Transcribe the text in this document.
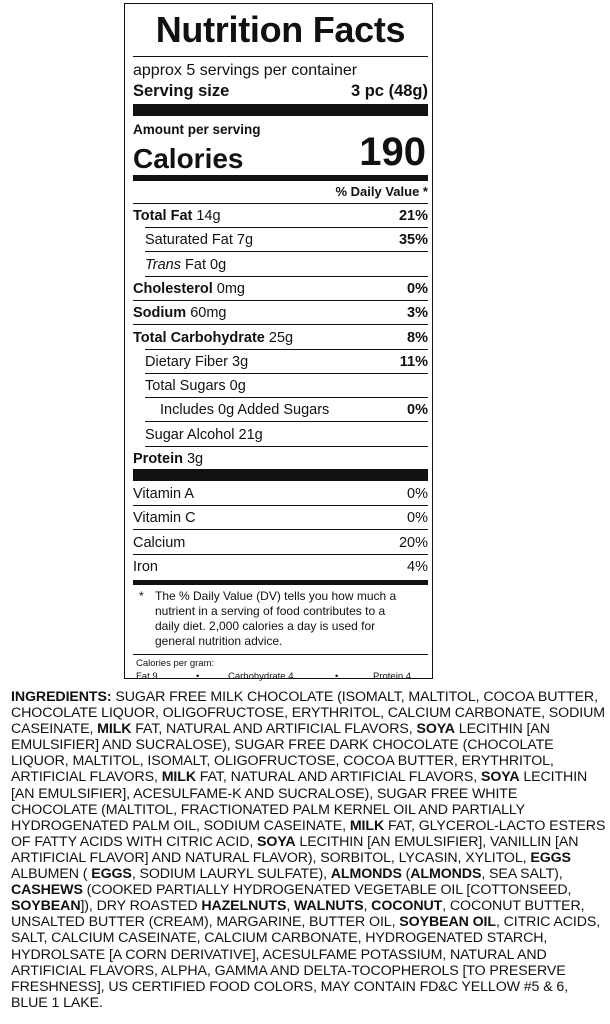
Nutrition Facts
approx 5 servings per container
Serving size	3 pc (48g)
Amount per serving
Calories	190
% Daily Value *
Total Fat 14g	21%
Saturated Fat 7g	35%
Trans Fat 0g
Cholesterol 0mg	0%
Sodium 60mg	3%
Total Carbohydrate 25g	8%
Dietary Fiber 3g	11%
Total Sugars 0g
Includes 0g Added Sugars	0%
Sugar Alcohol 21g
Protein 3g
Vitamin A	0%
Vitamin C	0%
Calcium	20%
Iron	4%
* The % Daily Value (DV) tells you how much a nutrient in a serving of food contributes to a daily diet. 2,000 calories a day is used for general nutrition advice.
Calories per gram:
Fat 9	•	Carbohydrate 4	•	Protein 4
INGREDIENTS: SUGAR FREE MILK CHOCOLATE (ISOMALT, MALTITOL, COCOA BUTTER, CHOCOLATE LIQUOR, OLIGOFRUCTOSE, ERYTHRITOL, CALCIUM CARBONATE, SODIUM CASEINATE, MILK FAT, NATURAL AND ARTIFICIAL FLAVORS, SOYA LECITHIN [AN EMULSIFIER] AND SUCRALOSE), SUGAR FREE DARK CHOCOLATE (CHOCOLATE LIQUOR, MALTITOL, ISOMALT, OLIGOFRUCTOSE, COCOA BUTTER, ERYTHRITOL, ARTIFICIAL FLAVORS, MILK FAT, NATURAL AND ARTIFICIAL FLAVORS, SOYA LECITHIN [AN EMULSIFIER], ACESULFAME-K AND SUCRALOSE), SUGAR FREE WHITE CHOCOLATE (MALTITOL, FRACTIONATED PALM KERNEL OIL AND PARTIALLY HYDROGENATED PALM OIL, SODIUM CASEINATE, MILK FAT, GLYCEROL-LACTO ESTERS OF FATTY ACIDS WITH CITRIC ACID, SOYA LECITHIN [AN EMULSIFIER], VANILLIN [AN ARTIFICIAL FLAVOR] AND NATURAL FLAVOR), SORBITOL, LYCASIN, XYLITOL, EGGS ALBUMEN ( EGGS, SODIUM LAURYL SULFATE), ALMONDS (ALMONDS, SEA SALT), CASHEWS (COOKED PARTIALLY HYDROGENATED VEGETABLE OIL [COTTONSEED, SOYBEAN]), DRY ROASTED HAZELNUTS, WALNUTS, COCONUT, COCONUT BUTTER, UNSALTED BUTTER (CREAM), MARGARINE, BUTTER OIL, SOYBEAN OIL, CITRIC ACIDS, SALT, CALCIUM CASEINATE, CALCIUM CARBONATE, HYDROGENATED STARCH, HYDROLSATE [A CORN DERIVATIVE], ACESULFAME POTASSIUM, NATURAL AND ARTIFICIAL FLAVORS, ALPHA, GAMMA AND DELTA-TOCOPHEROLS [TO PRESERVE FRESHNESS], US CERTIFIED FOOD COLORS, MAY CONTAIN FD&C YELLOW #5 & 6, BLUE 1 LAKE.
